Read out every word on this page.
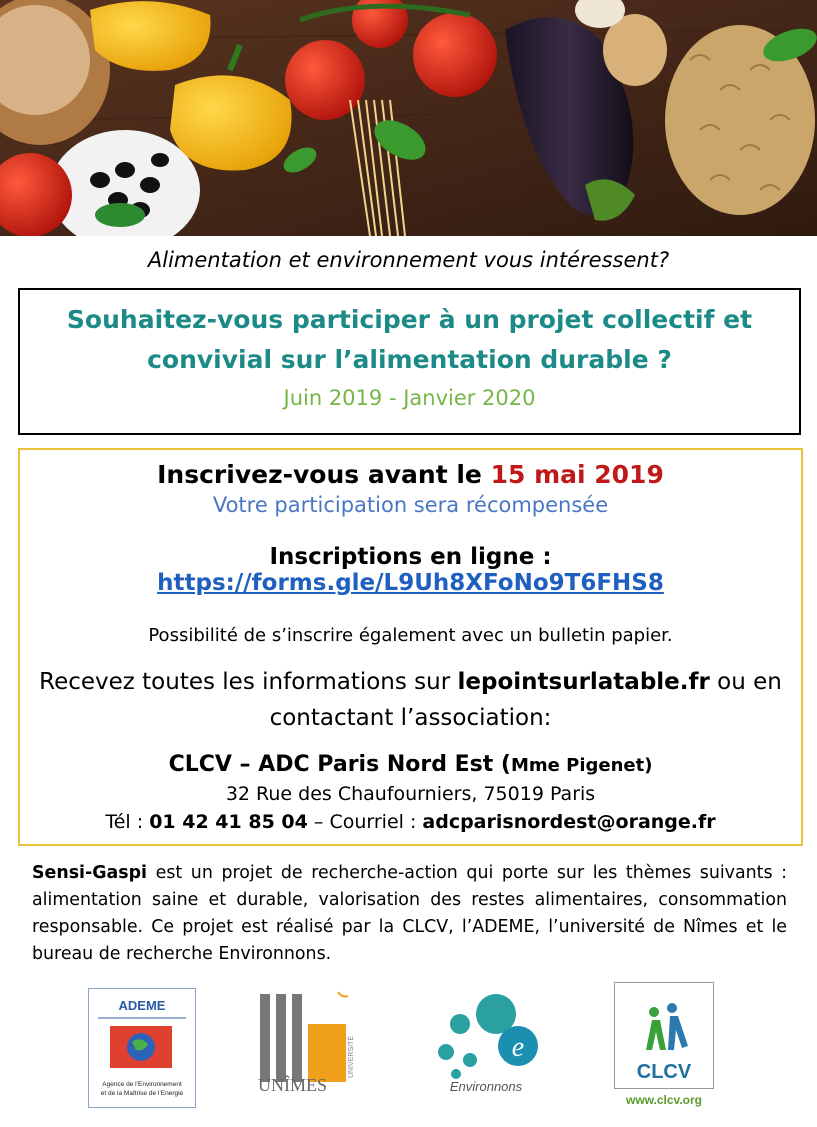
Alimentation et environnement vous intéressent?
Souhaitez-vous participer à un projet collectif et
convivial sur l’alimentation durable ?
Juin 2019 - Janvier 2020
Inscrivez-vous avant le 15 mai 2019
Votre participation sera récompensée
Inscriptions en ligne : https://forms.gle/L9Uh8XFoNo9T6FHS8
Possibilité de s’inscrire également avec un bulletin papier.
Recevez toutes les informations sur lepointsurlatable.fr ou en
contactant l’association:
CLCV – ADC Paris Nord Est (Mme Pigenet)
32 Rue des Chaufourniers, 75019 Paris
Tél : 01 42 41 85 04 – Courriel : adcparisnordest@orange.fr
Sensi-Gaspi est un projet de recherche-action qui porte sur les thèmes suivants : alimentation saine et durable, valorisation des restes alimentaires, consommation responsable. Ce projet est réalisé par la CLCV, l’ADEME, l’université de Nîmes et le bureau de recherche Environnons.
ADEME
Agence de l’Environnement
et de la Maîtrise de l’Energie	UNÎMES
UNIVERSITÉ	e
Environnons
CLCV
www.clcv.org
